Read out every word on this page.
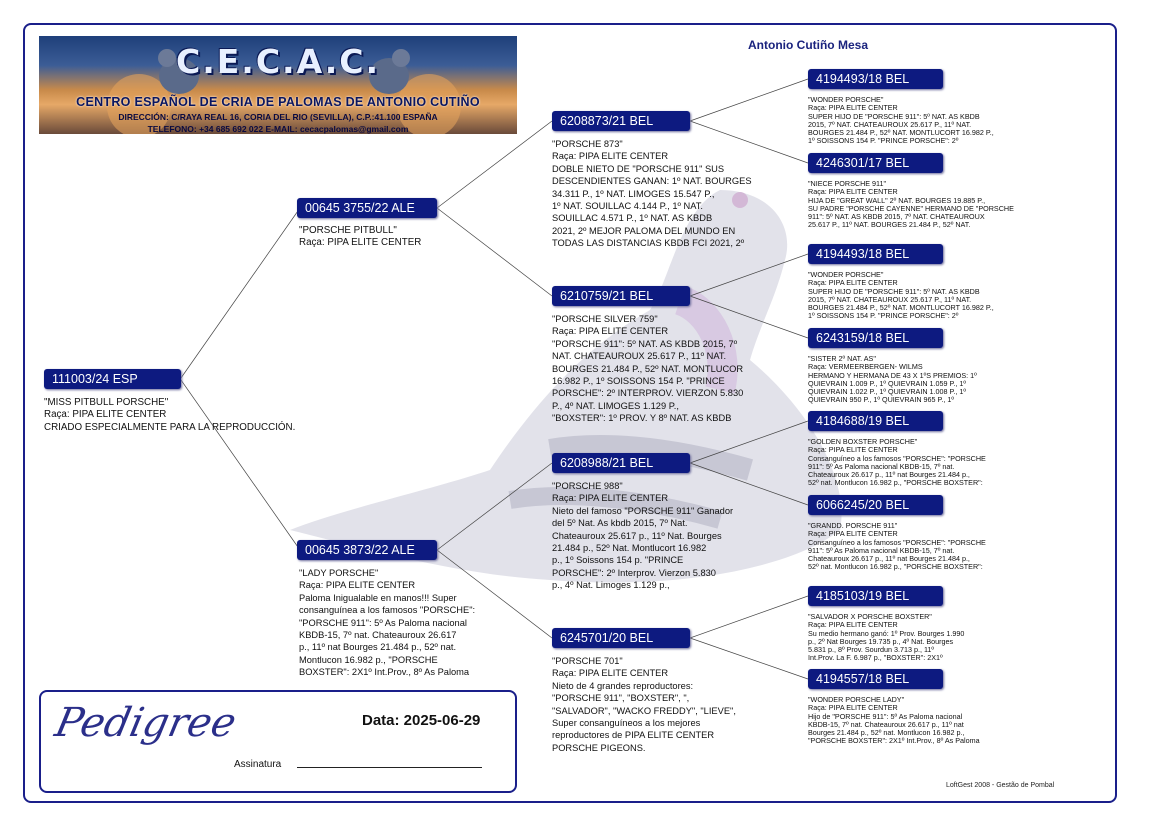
C.E.C.A.C.
CENTRO ESPAÑOL DE CRIA DE PALOMAS DE ANTONIO CUTIÑO
DIRECCIÓN: C/RAYA REAL 16, CORIA DEL RIO (SEVILLA), C.P.:41.100 ESPAÑA
TELEFONO: +34 685 692 022 E-MAIL: cecacpalomas@gmail.com
Antonio Cutiño Mesa
111003/24 ESP
"MISS PITBULL PORSCHE"
Raça: PIPA ELITE CENTER
CRIADO ESPECIALMENTE PARA LA REPRODUCCIÓN.
00645 3755/22 ALE
"PORSCHE PITBULL"
Raça: PIPA ELITE CENTER
00645 3873/22 ALE
"LADY PORSCHE"
Raça: PIPA ELITE CENTER
Paloma Inigualable en manos!!! Super
consanguínea a los famosos "PORSCHE":
"PORSCHE 911": 5º As Paloma nacional
KBDB-15, 7º nat. Chateauroux 26.617
p., 11º nat Bourges 21.484 p., 52º nat.
Montlucon 16.982 p., "PORSCHE
BOXSTER": 2X1º Int.Prov., 8º As Paloma
6208873/21 BEL
"PORSCHE 873"
Raça: PIPA ELITE CENTER
DOBLE NIETO DE "PORSCHE 911" SUS
DESCENDIENTES GANAN: 1º NAT. BOURGES
34.311 P., 1º NAT. LIMOGES 15.547 P.,
1º NAT. SOUILLAC 4.144 P., 1º NAT.
SOUILLAC 4.571 P., 1º NAT. AS KBDB
2021, 2º MEJOR PALOMA DEL MUNDO EN
TODAS LAS DISTANCIAS KBDB FCI 2021, 2º
6210759/21 BEL
"PORSCHE SILVER 759"
Raça: PIPA ELITE CENTER
"PORSCHE 911": 5º NAT. AS KBDB 2015, 7º
NAT. CHATEAUROUX 25.617 P., 11º NAT.
BOURGES 21.484 P., 52º NAT. MONTLUCOR
16.982 P., 1º SOISSONS 154 P. "PRINCE
PORSCHE": 2º INTERPROV. VIERZON 5.830
P., 4º NAT. LIMOGES 1.129 P.,
"BOXSTER": 1º PROV. Y 8º NAT. AS KBDB
6208988/21 BEL
"PORSCHE 988"
Raça: PIPA ELITE CENTER
Nieto del famoso "PORSCHE 911" Ganador
del 5º Nat. As kbdb 2015, 7º Nat.
Chateauroux 25.617 p., 11º Nat. Bourges
21.484 p., 52º Nat. Montlucort 16.982
p., 1º Soissons 154 p. "PRINCE
PORSCHE": 2º Interprov. Vierzon 5.830
p., 4º Nat. Limoges 1.129 p.,
6245701/20 BEL
"PORSCHE 701"
Raça: PIPA ELITE CENTER
Nieto de 4 grandes reproductores:
"PORSCHE 911", "BOXSTER", ",
"SALVADOR", "WACKO FREDDY", "LIEVE",
Super consanguíneos a los mejores
reproductores de PIPA ELITE CENTER
PORSCHE PIGEONS.
4194493/18 BEL
"WONDER PORSCHE"
Raça: PIPA ELITE CENTER
SUPER HIJO DE "PORSCHE 911": 5º NAT. AS KBDB
2015, 7º NAT. CHATEAUROUX 25.617 P., 11º NAT.
BOURGES 21.484 P., 52º NAT. MONTLUCORT 16.982 P.,
1º SOISSONS 154 P. "PRINCE PORSCHE": 2º
4246301/17 BEL
"NIECE PORSCHE 911"
Raça: PIPA ELITE CENTER
HIJA DE "GREAT WALL" 2º NAT. BOURGES 19.885 P.,
SU PADRE "PORSCHE CAYENNE" HERMANO DE "PORSCHE
911": 5º NAT. AS KBDB 2015, 7º NAT. CHATEAUROUX
25.617 P., 11º NAT. BOURGES 21.484 P., 52º NAT.
4194493/18 BEL
"WONDER PORSCHE"
Raça: PIPA ELITE CENTER
SUPER HIJO DE "PORSCHE 911": 5º NAT. AS KBDB
2015, 7º NAT. CHATEAUROUX 25.617 P., 11º NAT.
BOURGES 21.484 P., 52º NAT. MONTLUCORT 16.982 P.,
1º SOISSONS 154 P. "PRINCE PORSCHE": 2º
6243159/18 BEL
"SISTER 2º NAT. AS"
Raça: VERMEERBERGEN- WILMS
HERMANO Y HERMANA DE 43 X 1ºS PREMIOS: 1º
QUIEVRAIN 1.009 P., 1º QUIEVRAIN 1.059 P., 1º
QUIEVRAIN 1.022 P., 1º QUIEVRAIN 1.008 P., 1º
QUIEVRAIN 950 P., 1º QUIEVRAIN 965 P., 1º
4184688/19 BEL
"GOLDEN BOXSTER PORSCHE"
Raça: PIPA ELITE CENTER
Consanguíneo a los famosos "PORSCHE": "PORSCHE
911": 5º As Paloma nacional KBDB-15, 7º nat.
Chateauroux 26.617 p., 11º nat Bourges 21.484 p.,
52º nat. Montlucon 16.982 p., "PORSCHE BOXSTER":
6066245/20 BEL
"GRANDD. PORSCHE 911"
Raça: PIPA ELITE CENTER
Consanguíneo a los famosos "PORSCHE": "PORSCHE
911": 5º As Paloma nacional KBDB-15, 7º nat.
Chateauroux 26.617 p., 11º nat Bourges 21.484 p.,
52º nat. Montlucon 16.982 p., "PORSCHE BOXSTER":
4185103/19 BEL
"SALVADOR X PORSCHE BOXSTER"
Raça: PIPA ELITE CENTER
Su medio hermano ganó: 1º Prov. Bourges 1.990
p., 2º Nat Bourges 19.735 p., 4º Nat. Bourges
5.831 p., 8º Prov. Sourdun 3.713 p., 11º
Int.Prov. La F. 6.987 p., "BOXSTER": 2X1º
4194557/18 BEL
"WONDER PORSCHE LADY"
Raça: PIPA ELITE CENTER
Hijo de "PORSCHE 911": 5º As Paloma nacional
KBDB-15, 7º nat. Chateauroux 26.617 p., 11º nat
Bourges 21.484 p., 52º nat. Montlucon 16.982 p.,
"PORSCHE BOXSTER": 2X1º Int.Prov., 8º As Paloma
Pedigree	Data: 2025-06-29
Assinatura
LoftGest 2008 - Gestão de Pombal
